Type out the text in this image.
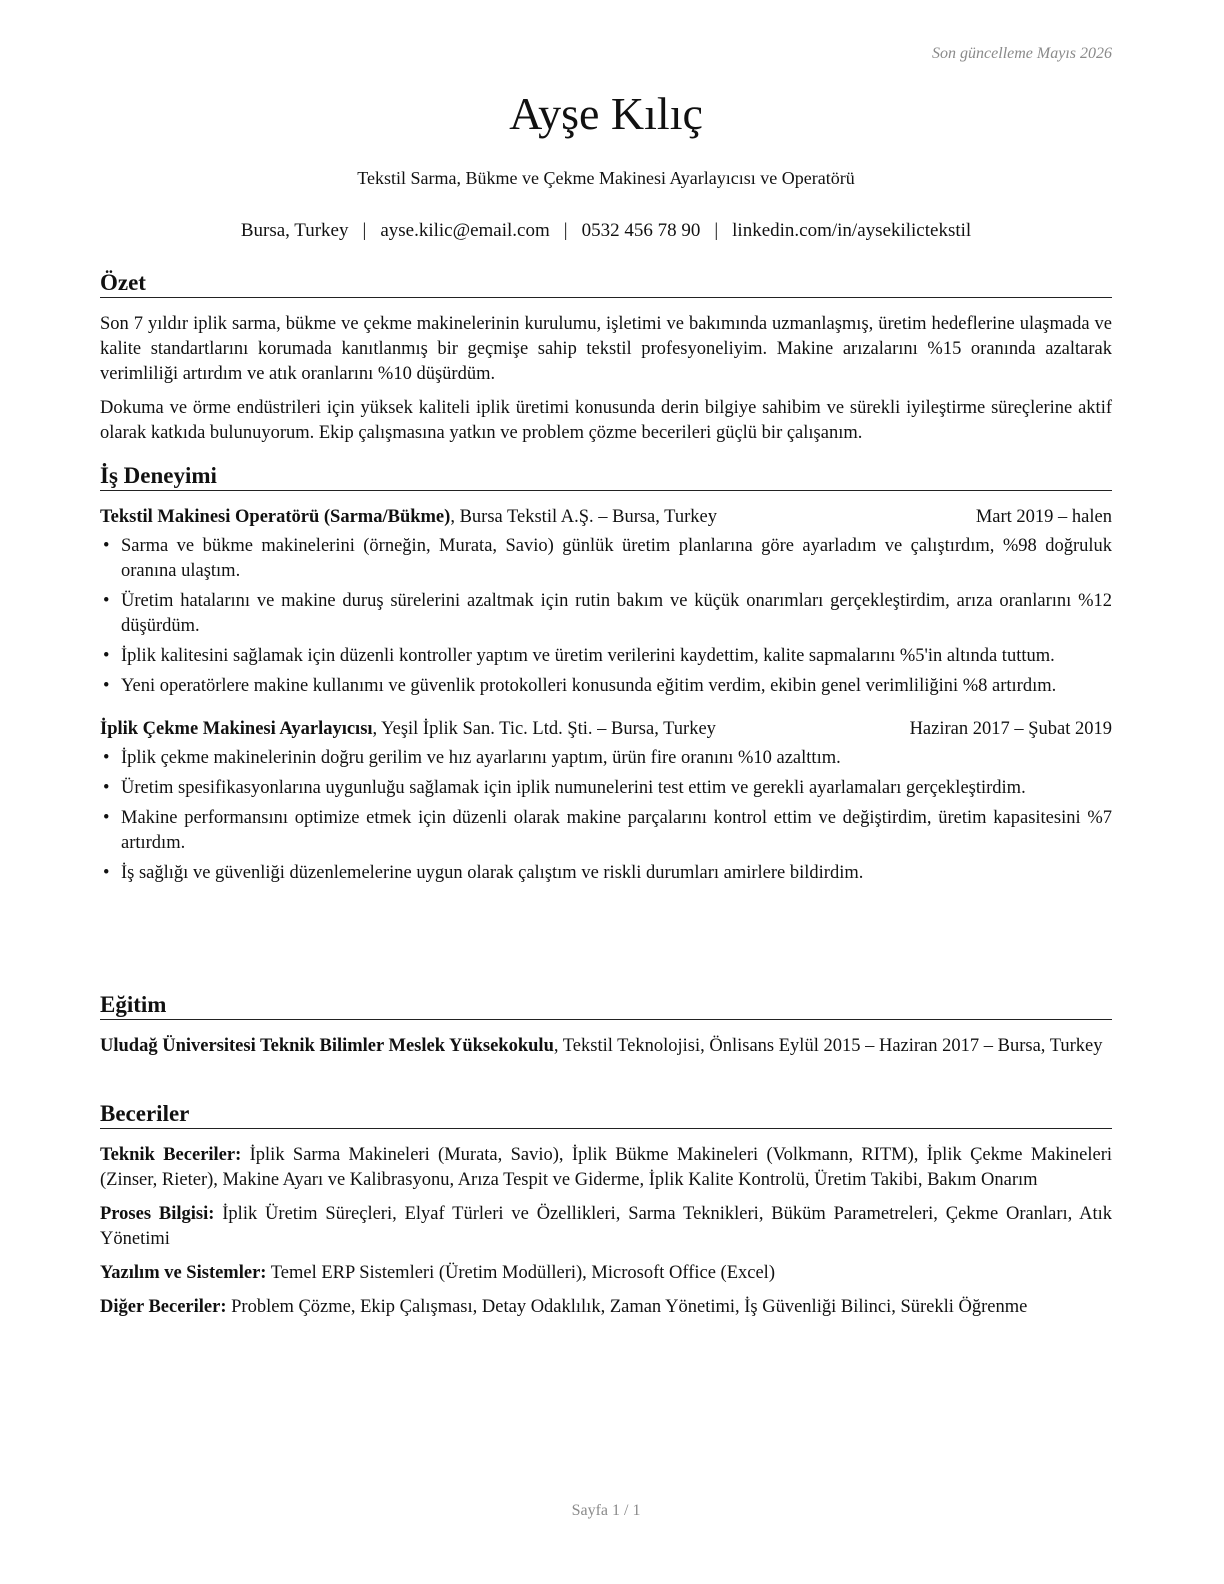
Son güncelleme Mayıs 2026
Ayşe Kılıç
Tekstil Sarma, Bükme ve Çekme Makinesi Ayarlayıcısı ve Operatörü
Bursa, Turkey | ayse.kilic@email.com | 0532 456 78 90 | linkedin.com/in/aysekilictekstil
Özet

Son 7 yıldır iplik sarma, bükme ve çekme makinelerinin kurulumu, işletimi ve bakımında uzmanlaşmış, üretim hedeflerine ulaşmada ve kalite standartlarını korumada kanıtlanmış bir geçmişe sahip tekstil profesyoneliyim. Makine arızalarını %15 oranında azaltarak verimliliği artırdım ve atık oranlarını %10 düşürdüm.

Dokuma ve örme endüstrileri için yüksek kaliteli iplik üretimi konusunda derin bilgiye sahibim ve sürekli iyileştirme süreçlerine aktif olarak katkıda bulunuyorum. Ekip çalışmasına yatkın ve problem çözme becerileri güçlü bir çalışanım.

İş Deneyimi
Tekstil Makinesi Operatörü (Sarma/Bükme), Bursa Tekstil A.Ş. – Bursa, Turkey	Mart 2019 – halen
• Sarma ve bükme makinelerini (örneğin, Murata, Savio) günlük üretim planlarına göre ayarladım ve çalıştırdım, %98 doğruluk oranına ulaştım.
• Üretim hatalarını ve makine duruş sürelerini azaltmak için rutin bakım ve küçük onarımları gerçekleştirdim, arıza oranlarını %12 düşürdüm.
• İplik kalitesini sağlamak için düzenli kontroller yaptım ve üretim verilerini kaydettim, kalite sapmalarını %5'in altında tuttum.
• Yeni operatörlere makine kullanımı ve güvenlik protokolleri konusunda eğitim verdim, ekibin genel verimliliğini %8 artırdım.
İplik Çekme Makinesi Ayarlayıcısı, Yeşil İplik San. Tic. Ltd. Şti. – Bursa, Turkey	Haziran 2017 – Şubat 2019
• İplik çekme makinelerinin doğru gerilim ve hız ayarlarını yaptım, ürün fire oranını %10 azalttım.
• Üretim spesifikasyonlarına uygunluğu sağlamak için iplik numunelerini test ettim ve gerekli ayarlamaları gerçekleştirdim.
• Makine performansını optimize etmek için düzenli olarak makine parçalarını kontrol ettim ve değiştirdim, üretim kapasitesini %7 artırdım.
• İş sağlığı ve güvenliği düzenlemelerine uygun olarak çalıştım ve riskli durumları amirlere bildirdim.
Eğitim

Uludağ Üniversitesi Teknik Bilimler Meslek Yüksekokulu, Tekstil Teknolojisi, Önlisans Eylül 2015 – Haziran 2017 – Bursa, Turkey

Beceriler

Teknik Beceriler: İplik Sarma Makineleri (Murata, Savio), İplik Bükme Makineleri (Volkmann, RITM), İplik Çekme Makineleri (Zinser, Rieter), Makine Ayarı ve Kalibrasyonu, Arıza Tespit ve Giderme, İplik Kalite Kontrolü, Üretim Takibi, Bakım Onarım

Proses Bilgisi: İplik Üretim Süreçleri, Elyaf Türleri ve Özellikleri, Sarma Teknikleri, Büküm Parametreleri, Çekme Oranları, Atık Yönetimi

Yazılım ve Sistemler: Temel ERP Sistemleri (Üretim Modülleri), Microsoft Office (Excel)

Diğer Beceriler: Problem Çözme, Ekip Çalışması, Detay Odaklılık, Zaman Yönetimi, İş Güvenliği Bilinci, Sürekli Öğrenme

Sayfa 1 / 1
